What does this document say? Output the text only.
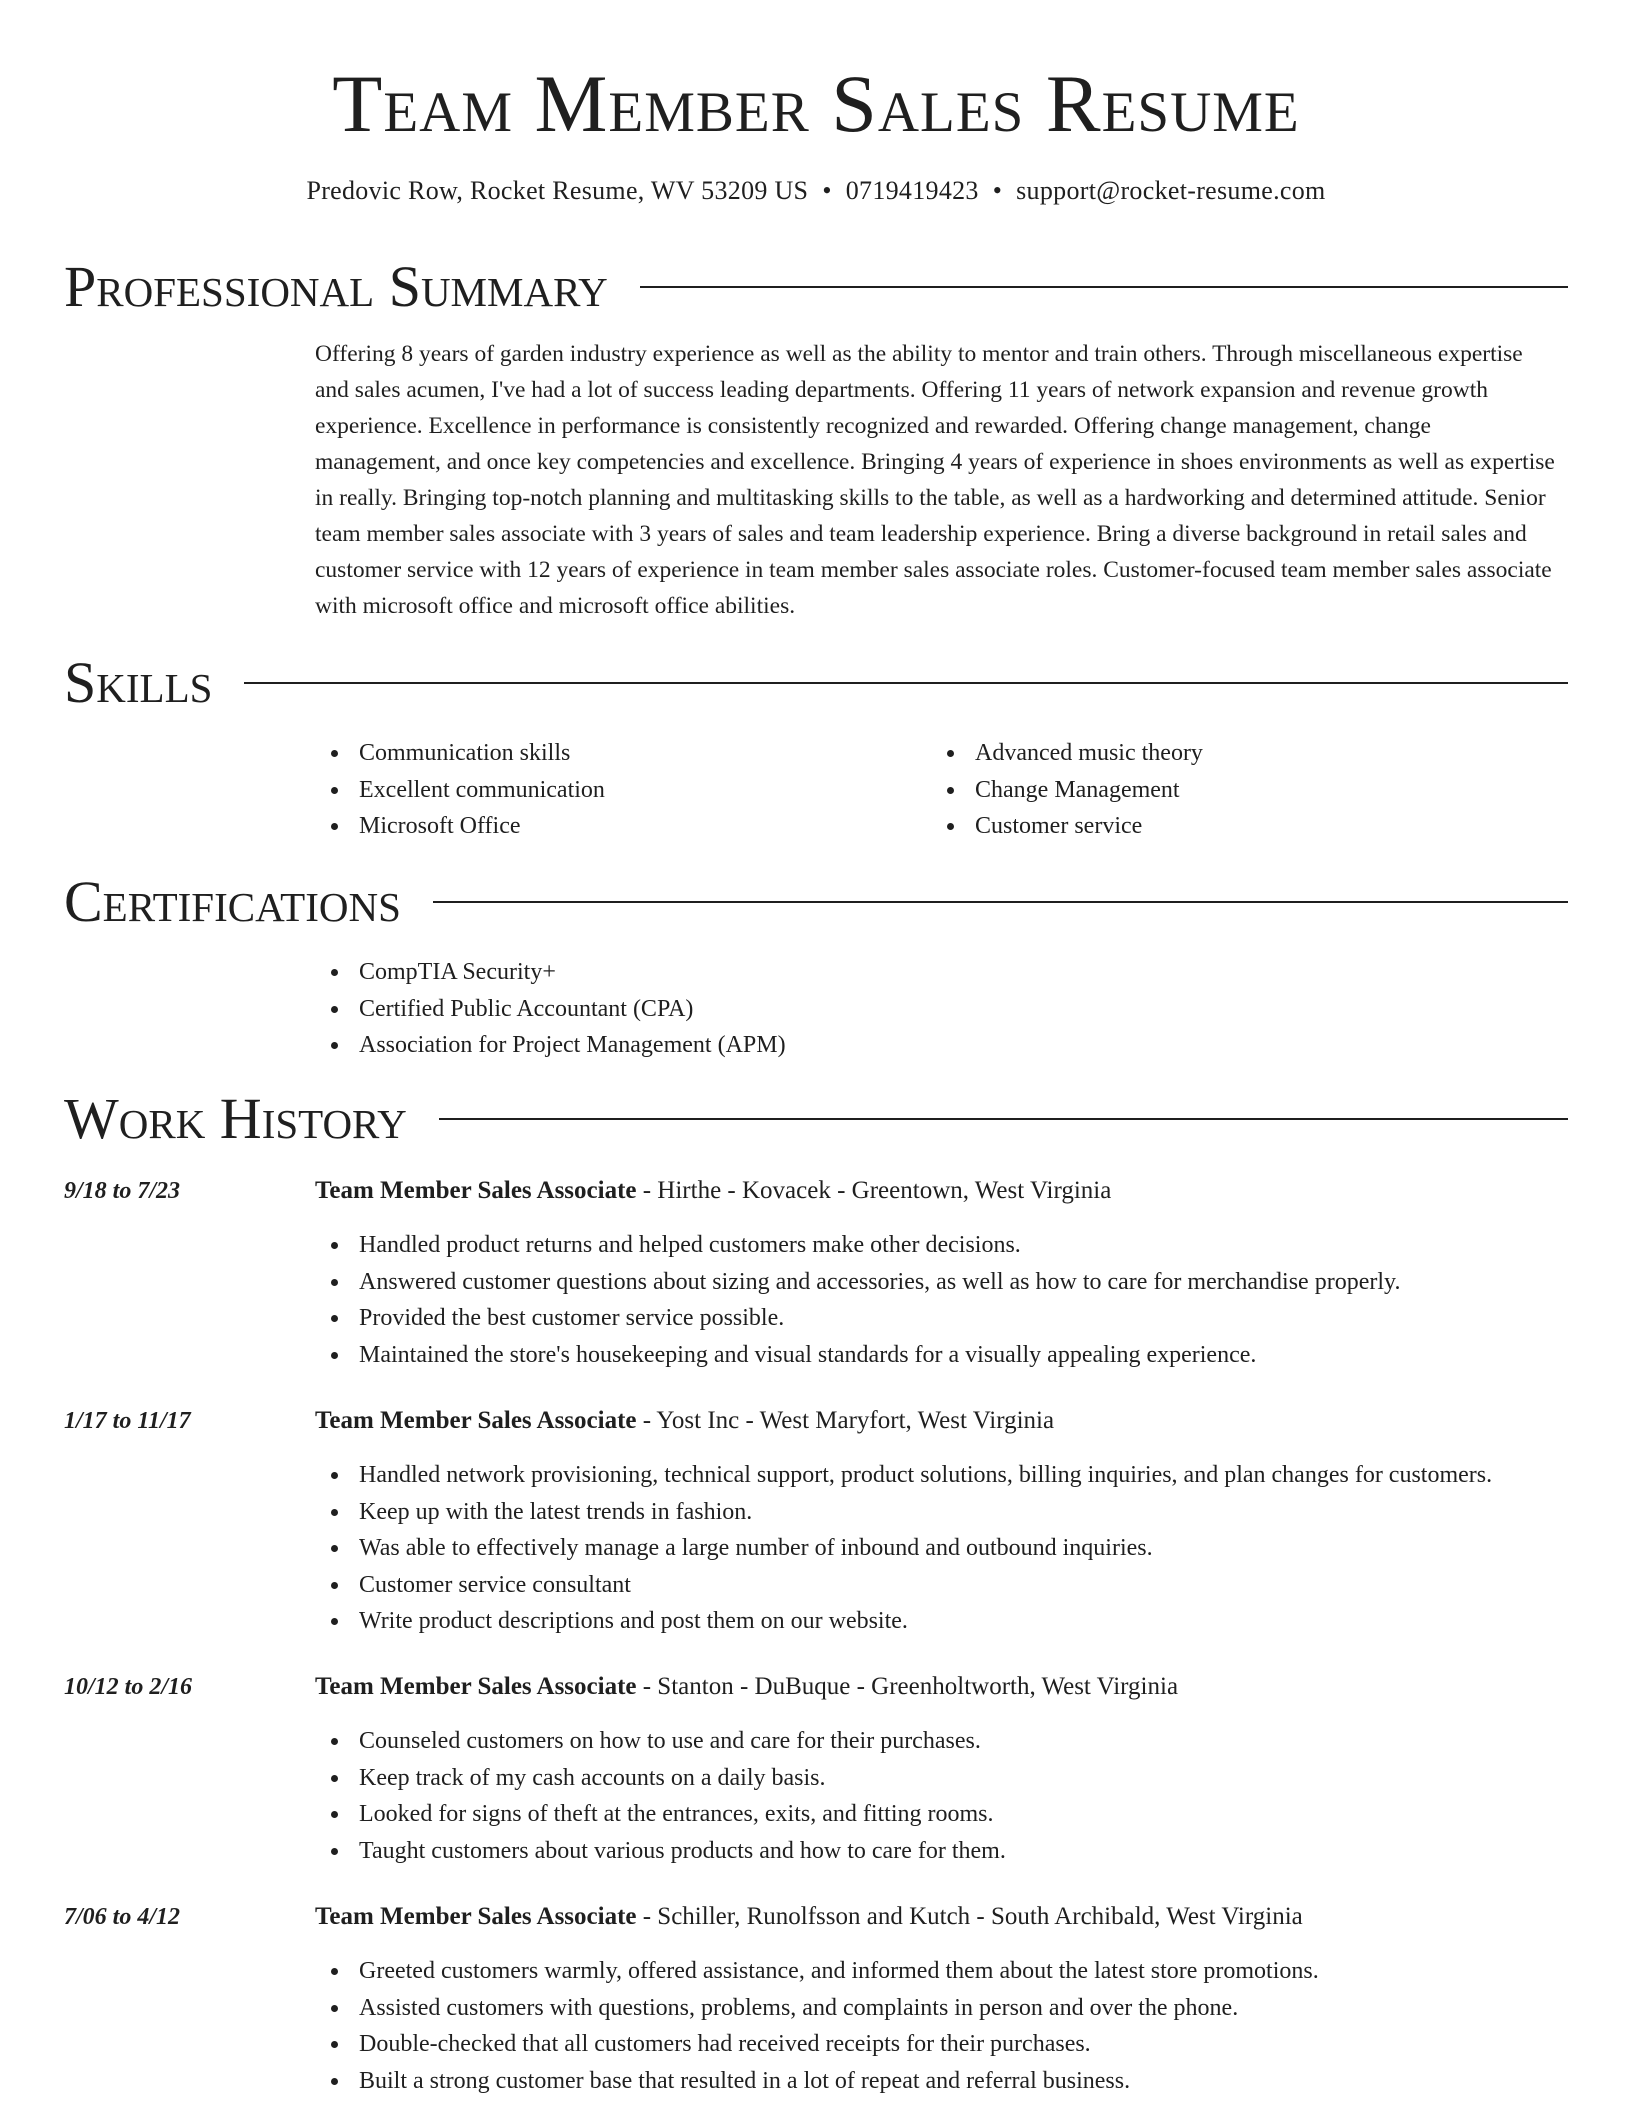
Team Member Sales Resume
Predovic Row, Rocket Resume, WV 53209 US • 0719419423 • support@rocket-resume.com
Professional Summary

Offering 8 years of garden industry experience as well as the ability to mentor and train others. Through miscellaneous expertise and sales acumen, I've had a lot of success leading departments. Offering 11 years of network expansion and revenue growth experience. Excellence in performance is consistently recognized and rewarded. Offering change management, change management, and once key competencies and excellence. Bringing 4 years of experience in shoes environments as well as expertise in really. Bringing top-notch planning and multitasking skills to the table, as well as a hardworking and determined attitude. Senior team member sales associate with 3 years of sales and team leadership experience. Bring a diverse background in retail sales and customer service with 12 years of experience in team member sales associate roles. Customer-focused team member sales associate with microsoft office and microsoft office abilities.

Skills
Communication skills
Excellent communication
Microsoft Office
Advanced music theory
Change Management
Customer service
Certifications
CompTIA Security+
Certified Public Accountant (CPA)
Association for Project Management (APM)
Work History
9/18 to 7/23	Team Member Sales Associate - Hirthe - Kovacek - Greentown, West Virginia
Handled product returns and helped customers make other decisions.
Answered customer questions about sizing and accessories, as well as how to care for merchandise properly.
Provided the best customer service possible.
Maintained the store's housekeeping and visual standards for a visually appealing experience.
1/17 to 11/17	Team Member Sales Associate - Yost Inc - West Maryfort, West Virginia
Handled network provisioning, technical support, product solutions, billing inquiries, and plan changes for customers.
Keep up with the latest trends in fashion.
Was able to effectively manage a large number of inbound and outbound inquiries.
Customer service consultant
Write product descriptions and post them on our website.
10/12 to 2/16	Team Member Sales Associate - Stanton - DuBuque - Greenholtworth, West Virginia
Counseled customers on how to use and care for their purchases.
Keep track of my cash accounts on a daily basis.
Looked for signs of theft at the entrances, exits, and fitting rooms.
Taught customers about various products and how to care for them.
7/06 to 4/12	Team Member Sales Associate - Schiller, Runolfsson and Kutch - South Archibald, West Virginia
Greeted customers warmly, offered assistance, and informed them about the latest store promotions.
Assisted customers with questions, problems, and complaints in person and over the phone.
Double-checked that all customers had received receipts for their purchases.
Built a strong customer base that resulted in a lot of repeat and referral business.
